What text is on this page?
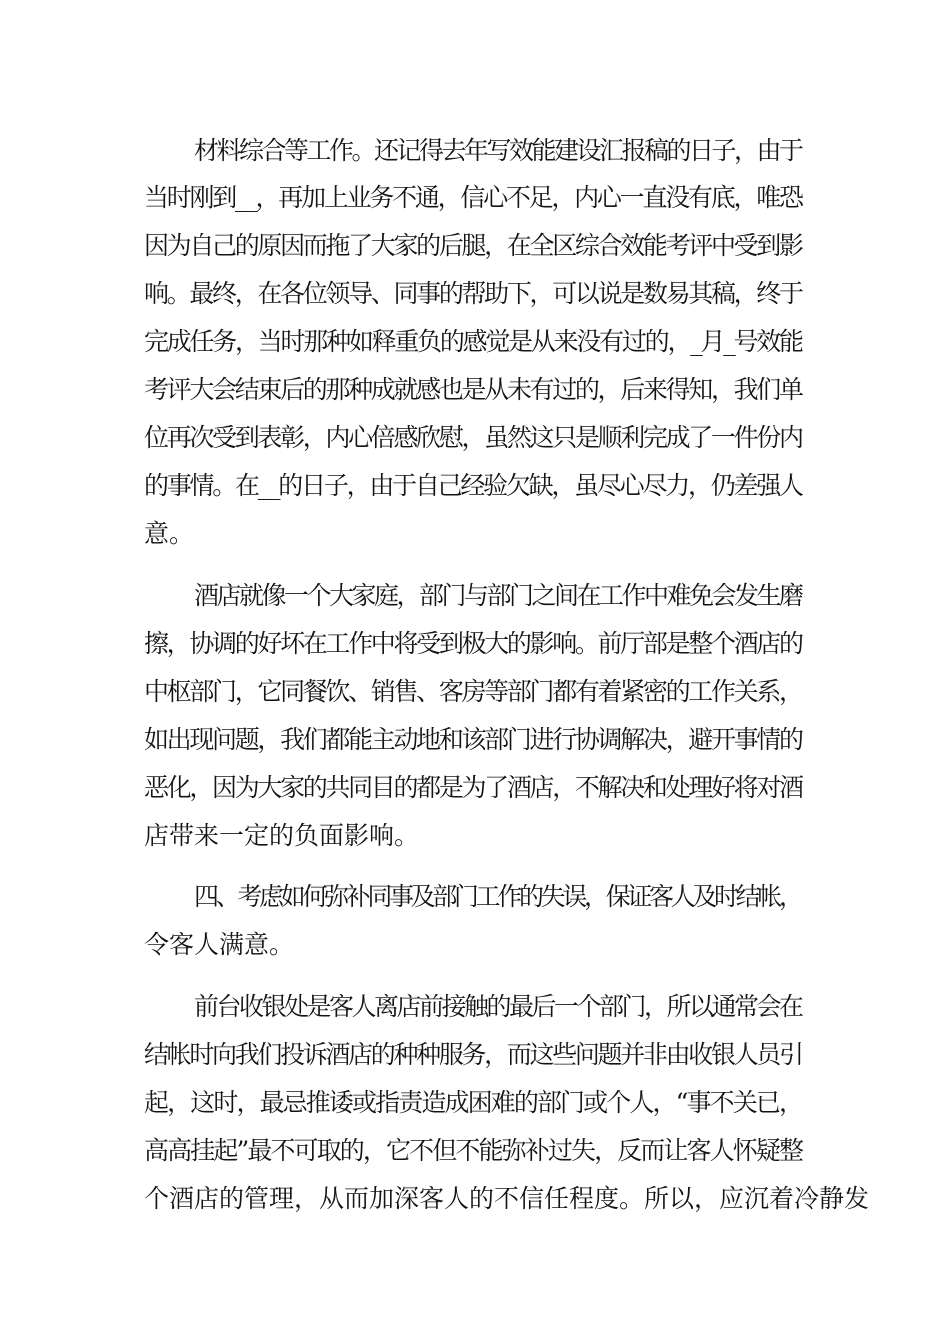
材料综合等工作。还记得去年写效能建设汇报稿的日子，由于
当时刚到__，再加上业务不通，信心不足，内心一直没有底，唯恐
因为自己的原因而拖了大家的后腿，在全区综合效能考评中受到影
响。最终，在各位领导、同事的帮助下，可以说是数易其稿，终于
完成任务，当时那种如释重负的感觉是从来没有过的，_月_号效能
考评大会结束后的那种成就感也是从未有过的，后来得知，我们单
位再次受到表彰，内心倍感欣慰，虽然这只是顺利完成了一件份内
的事情。在__的日子，由于自己经验欠缺，虽尽心尽力，仍差强人
意。
酒店就像一个大家庭，部门与部门之间在工作中难免会发生磨
擦，协调的好坏在工作中将受到极大的影响。前厅部是整个酒店的
中枢部门，它同餐饮、销售、客房等部门都有着紧密的工作关系，
如出现问题，我们都能主动地和该部门进行协调解决，避开事情的
恶化，因为大家的共同目的都是为了酒店，不解决和处理好将对酒
店带来一定的负面影响。
四、考虑如何弥补同事及部门工作的失误，保证客人及时结帐，
令客人满意。
前台收银处是客人离店前接触的最后一个部门，所以通常会在
结帐时向我们投诉酒店的种种服务，而这些问题并非由收银人员引
起，这时，最忌推诿或指责造成困难的部门或个人，“事不关已，
高高挂起”最不可取的，它不但不能弥补过失，反而让客人怀疑整
个酒店的管理，从而加深客人的不信任程度。所以，应沉着冷静发
